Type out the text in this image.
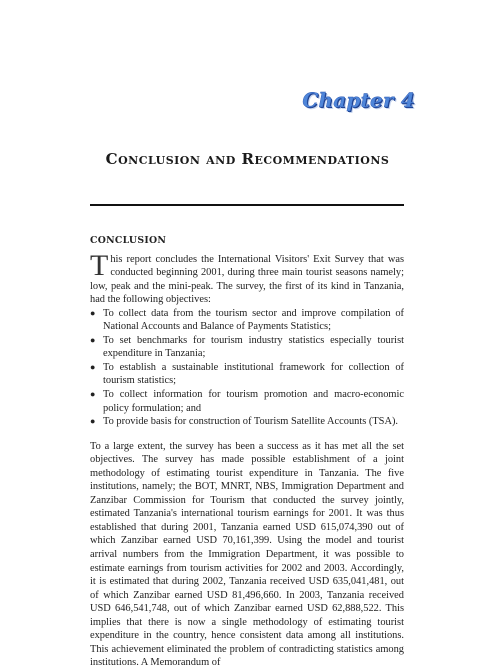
Chapter 4
Conclusion and Recommendations
CONCLUSION

This report concludes the International Visitors' Exit Survey that was conducted beginning 2001, during three main tourist seasons namely; low, peak and the mini-peak. The survey, the first of its kind in Tanzania, had the following objectives:

● To collect data from the tourism sector and improve compilation of National Accounts and Balance of Payments Statistics;
● To set benchmarks for tourism industry statistics especially tourist expenditure in Tanzania;
● To establish a sustainable institutional framework for collection of tourism statistics;
● To collect information for tourism promotion and macro-economic policy formulation; and
● To provide basis for construction of Tourism Satellite Accounts (TSA).

To a large extent, the survey has been a success as it has met all the set objectives. The survey has made possible establishment of a joint methodology of estimating tourist expenditure in Tanzania. The five institutions, namely; the BOT, MNRT, NBS, Immigration Department and Zanzibar Commission for Tourism that conducted the survey jointly, estimated Tanzania's international tourism earnings for 2001. It was thus established that during 2001, Tanzania earned USD 615,074,390 out of which Zanzibar earned USD 70,161,399. Using the model and tourist arrival numbers from the Immigration Department, it was possible to estimate earnings from tourism activities for 2002 and 2003. Accordingly, it is estimated that during 2002, Tanzania received USD 635,041,481, out of which Zanzibar earned USD 81,496,660. In 2003, Tanzania received USD 646,541,748, out of which Zanzibar earned USD 62,888,522. This implies that there is now a single methodology of estimating tourist expenditure in the country, hence consistent data among all institutions. This achievement eliminated the problem of contradicting statistics among institutions. A Memorandum of
